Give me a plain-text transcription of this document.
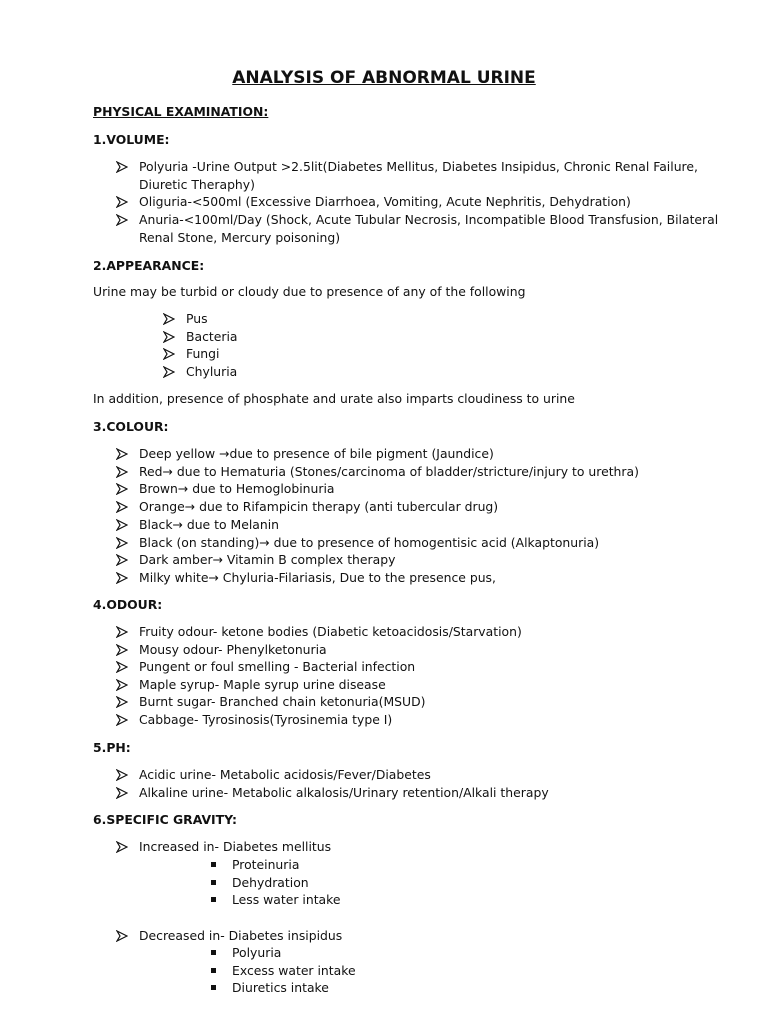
ANALYSIS OF ABNORMAL URINE
PHYSICAL EXAMINATION:
1.VOLUME:
Polyuria -Urine Output >2.5lit(Diabetes Mellitus, Diabetes Insipidus, Chronic Renal Failure,
Diuretic Theraphy)
Oliguria-<500ml (Excessive Diarrhoea, Vomiting, Acute Nephritis, Dehydration)
Anuria-<100ml/Day (Shock, Acute Tubular Necrosis, Incompatible Blood Transfusion, Bilateral
Renal Stone, Mercury poisoning)
2.APPEARANCE:
Urine may be turbid or cloudy due to presence of any of the following
Pus
Bacteria
Fungi
Chyluria
In addition, presence of phosphate and urate also imparts cloudiness to urine
3.COLOUR:
Deep yellow →due to presence of bile pigment (Jaundice)
Red→ due to Hematuria (Stones/carcinoma of bladder/stricture/injury to urethra)
Brown→ due to Hemoglobinuria
Orange→ due to Rifampicin therapy (anti tubercular drug)
Black→ due to Melanin
Black (on standing)→ due to presence of homogentisic acid (Alkaptonuria)
Dark amber→ Vitamin B complex therapy
Milky white→ Chyluria-Filariasis, Due to the presence pus,
4.ODOUR:
Fruity odour- ketone bodies (Diabetic ketoacidosis/Starvation)
Mousy odour- Phenylketonuria
Pungent or foul smelling - Bacterial infection
Maple syrup- Maple syrup urine disease
Burnt sugar- Branched chain ketonuria(MSUD)
Cabbage- Tyrosinosis(Tyrosinemia type I)
5.PH:
Acidic urine- Metabolic acidosis/Fever/Diabetes
Alkaline urine- Metabolic alkalosis/Urinary retention/Alkali therapy
6.SPECIFIC GRAVITY:
Increased in- Diabetes mellitus
Proteinuria
Dehydration
Less water intake
Decreased in- Diabetes insipidus
Polyuria
Excess water intake
Diuretics intake
